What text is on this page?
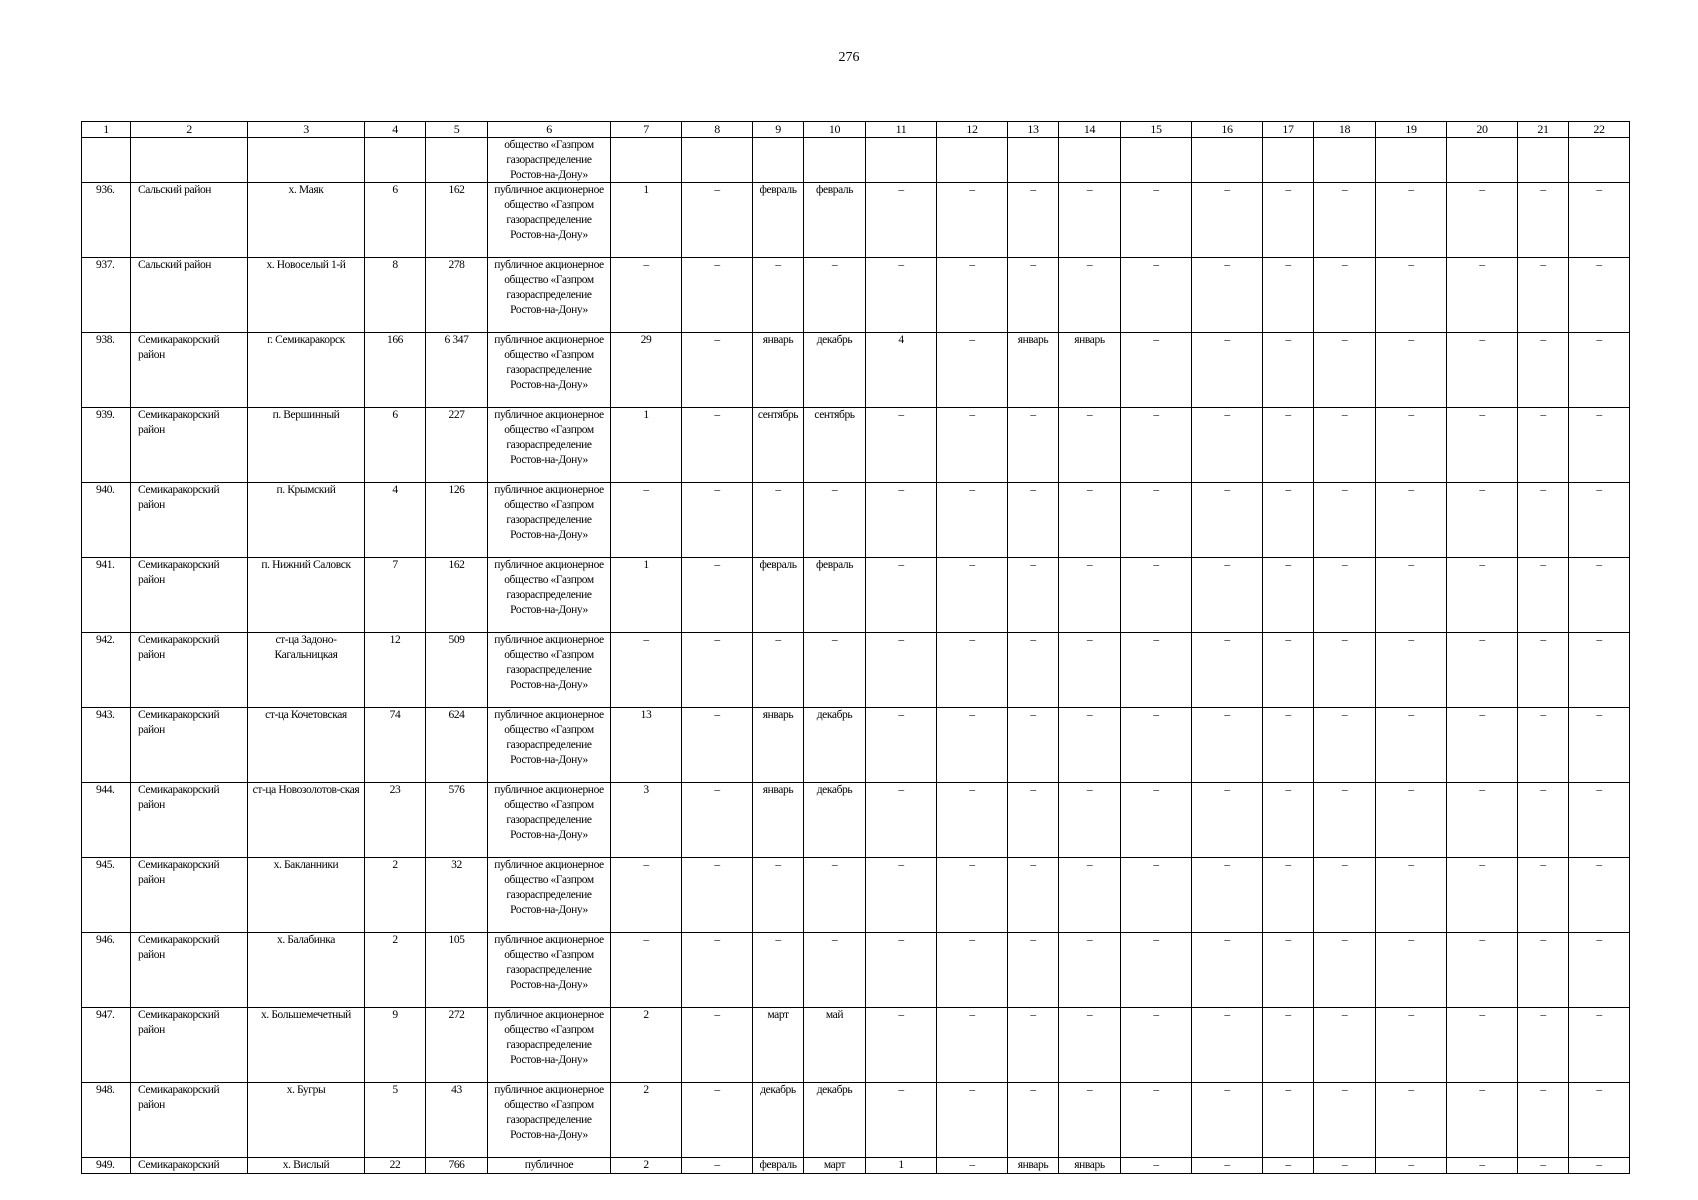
276
1	2	3	4	5	6	7	8	9	10	11	12	13	14	15	16	17	18	19	20	21	22
					общество «Газпром газораспределение Ростов-на-Дону»																
936.	Сальский район	х. Маяк	6	162	публичное акционерное общество «Газпром газораспределение Ростов-на-Дону»	1	–	февраль	февраль	–	–	–	–	–	–	–	–	–	–	–	–
937.	Сальский район	х. Новоселый 1-й	8	278	публичное акционерное общество «Газпром газораспределение Ростов-на-Дону»	–	–	–	–	–	–	–	–	–	–	–	–	–	–	–	–
938.	Семикаракорский район	г. Семикаракорск	166	6 347	публичное акционерное общество «Газпром газораспределение Ростов-на-Дону»	29	–	январь	декабрь	4	–	январь	январь	–	–	–	–	–	–	–	–
939.	Семикаракорский район	п. Вершинный	6	227	публичное акционерное общество «Газпром газораспределение Ростов-на-Дону»	1	–	сентябрь	сентябрь	–	–	–	–	–	–	–	–	–	–	–	–
940.	Семикаракорский район	п. Крымский	4	126	публичное акционерное общество «Газпром газораспределение Ростов-на-Дону»	–	–	–	–	–	–	–	–	–	–	–	–	–	–	–	–
941.	Семикаракорский район	п. Нижний Саловск	7	162	публичное акционерное общество «Газпром газораспределение Ростов-на-Дону»	1	–	февраль	февраль	–	–	–	–	–	–	–	–	–	–	–	–
942.	Семикаракорский район	ст-ца Задоно-Кагальницкая	12	509	публичное акционерное общество «Газпром газораспределение Ростов-на-Дону»	–	–	–	–	–	–	–	–	–	–	–	–	–	–	–	–
943.	Семикаракорский район	ст-ца Кочетовская	74	624	публичное акционерное общество «Газпром газораспределение Ростов-на-Дону»	13	–	январь	декабрь	–	–	–	–	–	–	–	–	–	–	–	–
944.	Семикаракорский район	ст-ца Новозолотов-ская	23	576	публичное акционерное общество «Газпром газораспределение Ростов-на-Дону»	3	–	январь	декабрь	–	–	–	–	–	–	–	–	–	–	–	–
945.	Семикаракорский район	х. Бакланники	2	32	публичное акционерное общество «Газпром газораспределение Ростов-на-Дону»	–	–	–	–	–	–	–	–	–	–	–	–	–	–	–	–
946.	Семикаракорский район	х. Балабинка	2	105	публичное акционерное общество «Газпром газораспределение Ростов-на-Дону»	–	–	–	–	–	–	–	–	–	–	–	–	–	–	–	–
947.	Семикаракорский район	х. Большемечетный	9	272	публичное акционерное общество «Газпром газораспределение Ростов-на-Дону»	2	–	март	май	–	–	–	–	–	–	–	–	–	–	–	–
948.	Семикаракорский район	х. Бугры	5	43	публичное акционерное общество «Газпром газораспределение Ростов-на-Дону»	2	–	декабрь	декабрь	–	–	–	–	–	–	–	–	–	–	–	–
949.	Семикаракорский	х. Вислый	22	766	публичное	2	–	февраль	март	1	–	январь	январь	–	–	–	–	–	–	–	–
